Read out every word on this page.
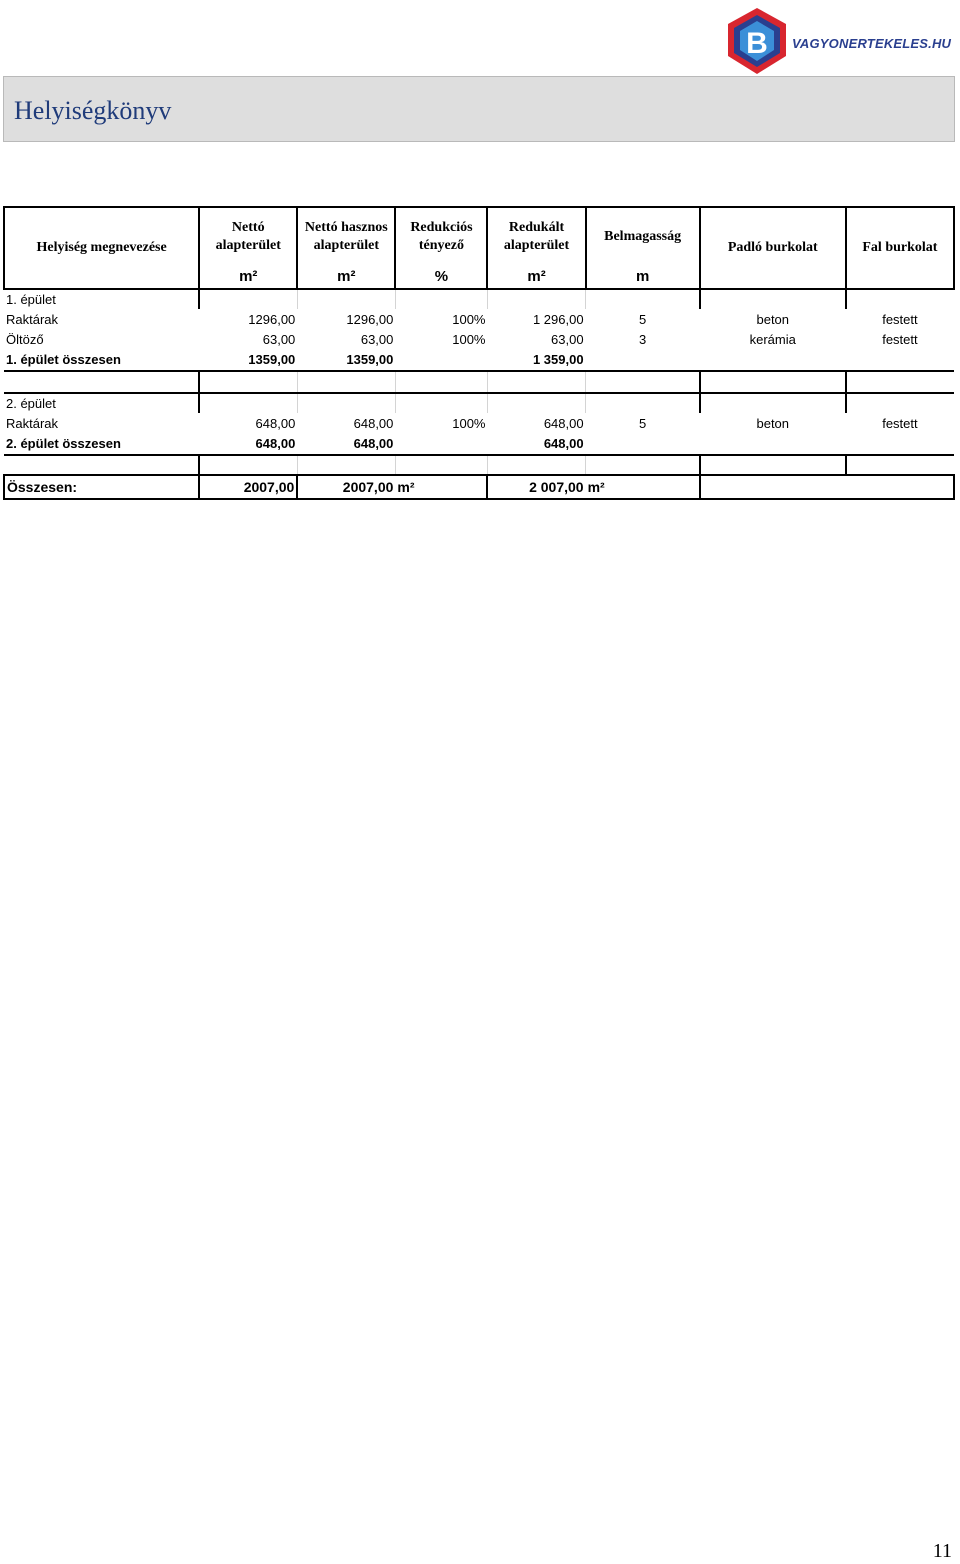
B VAGYONERTEKELES.HU
Helyiségkönyv
Helyiség megnevezése	Nettó alapterület	Nettó hasznos alapterület	Redukciós tényező	Redukált alapterület	Belmagasság	Padló burkolat	Fal burkolat
	m²	m²	%	m²	m		
1. épület							
Raktárak	1296,00	1296,00	100%	1 296,00	5	beton	festett
Öltöző	63,00	63,00	100%	63,00	3	kerámia	festett
1. épület összesen	1359,00	1359,00		1 359,00			

2. épület							
Raktárak	648,00	648,00	100%	648,00	5	beton	festett
2. épület összesen	648,00	648,00		648,00			

Összesen:	2007,00	2007,00	m²	2 007,00	m²		
11
